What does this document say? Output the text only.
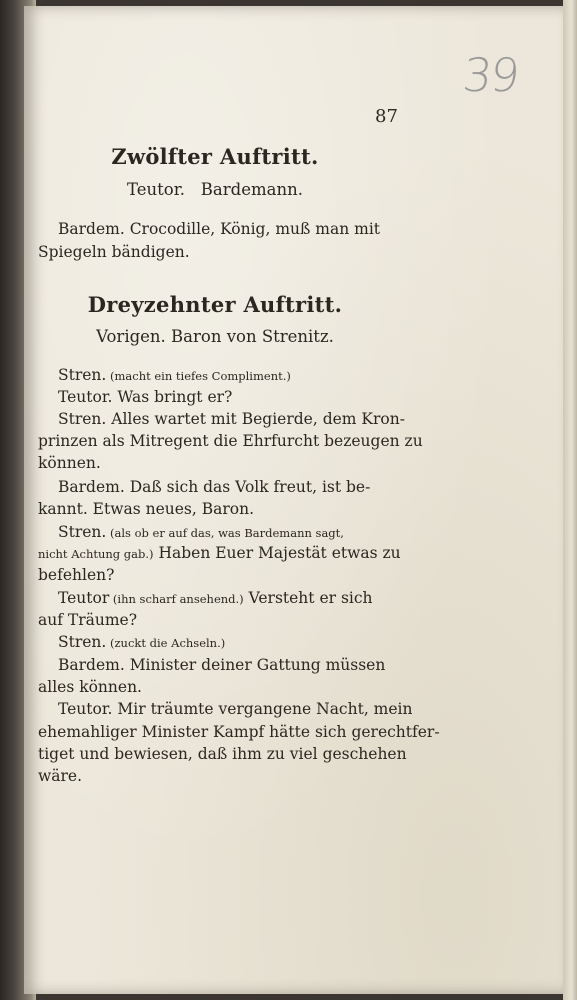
39
87
Zwölfter Auftritt.
Teutor.   Bardemann.
Bardem. Crocodille, König, muß man mit
Spiegeln bändigen.
Dreyzehnter Auftritt.
Vorigen. Baron von Strenitz.
Stren. (macht ein tiefes Compliment.)
Teutor. Was bringt er?
Stren. Alles wartet mit Begierde, dem Kron-
prinzen als Mitregent die Ehrfurcht bezeugen zu
können.
Bardem. Daß sich das Volk freut, ist be-
kannt. Etwas neues, Baron.
Stren. (als ob er auf das, was Bardemann sagt,
nicht Achtung gab.) Haben Euer Majestät etwas zu
befehlen?
Teutor (ihn scharf ansehend.) Versteht er sich
auf Träume?
Stren. (zuckt die Achseln.)
Bardem. Minister deiner Gattung müssen
alles können.
Teutor. Mir träumte vergangene Nacht, mein
ehemahliger Minister Kampf hätte sich gerechtfer-
tiget und bewiesen, daß ihm zu viel geschehen
wäre.
